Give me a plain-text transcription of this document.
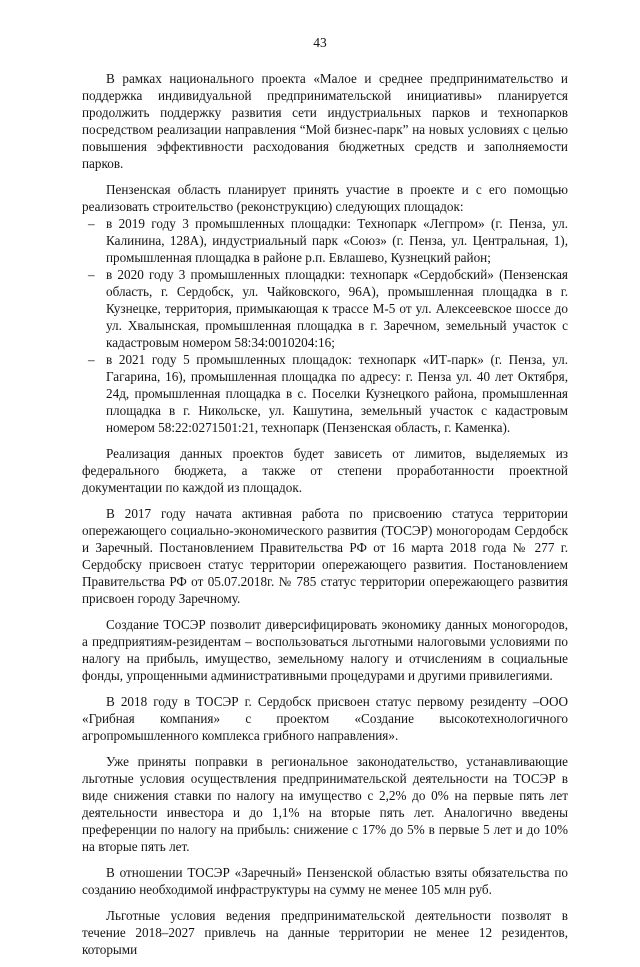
43

В рамках национального проекта «Малое и среднее предпринимательство и поддержка индивидуальной предпринимательской инициативы» планируется продолжить поддержку развития сети индустриальных парков и технопарков посредством реализации направления “Мой бизнес-парк” на новых условиях с целью повышения эффективности расходования бюджетных средств и заполняемости парков.

Пензенская область планирует принять участие в проекте и с его помощью реализовать строительство (реконструкцию) следующих площадок:

– в 2019 году 3 промышленных площадки: Технопарк «Легпром» (г. Пенза, ул. Калинина, 128А), индустриальный парк «Союз» (г. Пенза, ул. Центральная, 1), промышленная площадка в районе р.п. Евлашево, Кузнецкий район;
– в 2020 году 3 промышленных площадки: технопарк «Сердобский» (Пензенская область, г. Сердобск, ул. Чайковского, 96А), промышленная площадка в г. Кузнецке, территория, примыкающая к трассе М-5 от ул. Алексеевское шоссе до ул. Хвалынская, промышленная площадка в г. Заречном, земельный участок с кадастровым номером 58:34:0010204:16;
– в 2021 году 5 промышленных площадок: технопарк «ИТ-парк» (г. Пенза, ул. Гагарина, 16), промышленная площадка по адресу: г. Пенза ул. 40 лет Октября, 24д, промышленная площадка в с. Поселки Кузнецкого района, промышленная площадка в г. Никольске, ул. Кашутина, земельный участок с кадастровым номером 58:22:0271501:21, технопарк (Пензенская область, г. Каменка).

Реализация данных проектов будет зависеть от лимитов, выделяемых из федерального бюджета, а также от степени проработанности проектной документации по каждой из площадок.

В 2017 году начата активная работа по присвоению статуса территории опережающего социально-экономического развития (ТОСЭР) моногородам Сердобск и Заречный. Постановлением Правительства РФ от 16 марта 2018 года № 277 г. Сердобску присвоен статус территории опережающего развития. Постановлением Правительства РФ от 05.07.2018г. № 785 статус территории опережающего развития присвоен городу Заречному.

Создание ТОСЭР позволит диверсифицировать экономику данных моногородов, а предприятиям-резидентам – воспользоваться льготными налоговыми условиями по налогу на прибыль, имущество, земельному налогу и отчислениям в социальные фонды, упрощенными административными процедурами и другими привилегиями.

В 2018 году в ТОСЭР г. Сердобск присвоен статус первому резиденту –ООО «Грибная компания» с проектом «Создание высокотехнологичного агропромышленного комплекса грибного направления».

Уже приняты поправки в региональное законодательство, устанавливающие льготные условия осуществления предпринимательской деятельности на ТОСЭР в виде снижения ставки по налогу на имущество с 2,2% до 0% на первые пять лет деятельности инвестора и до 1,1% на вторые пять лет. Аналогично введены преференции по налогу на прибыль: снижение с 17% до 5% в первые 5 лет и до 10% на вторые пять лет.

В отношении ТОСЭР «Заречный» Пензенской областью взяты обязательства по созданию необходимой инфраструктуры на сумму не менее 105 млн руб.

Льготные условия ведения предпринимательской деятельности позволят в течение 2018–2027 привлечь на данные территории не менее 12 резидентов, которыми
